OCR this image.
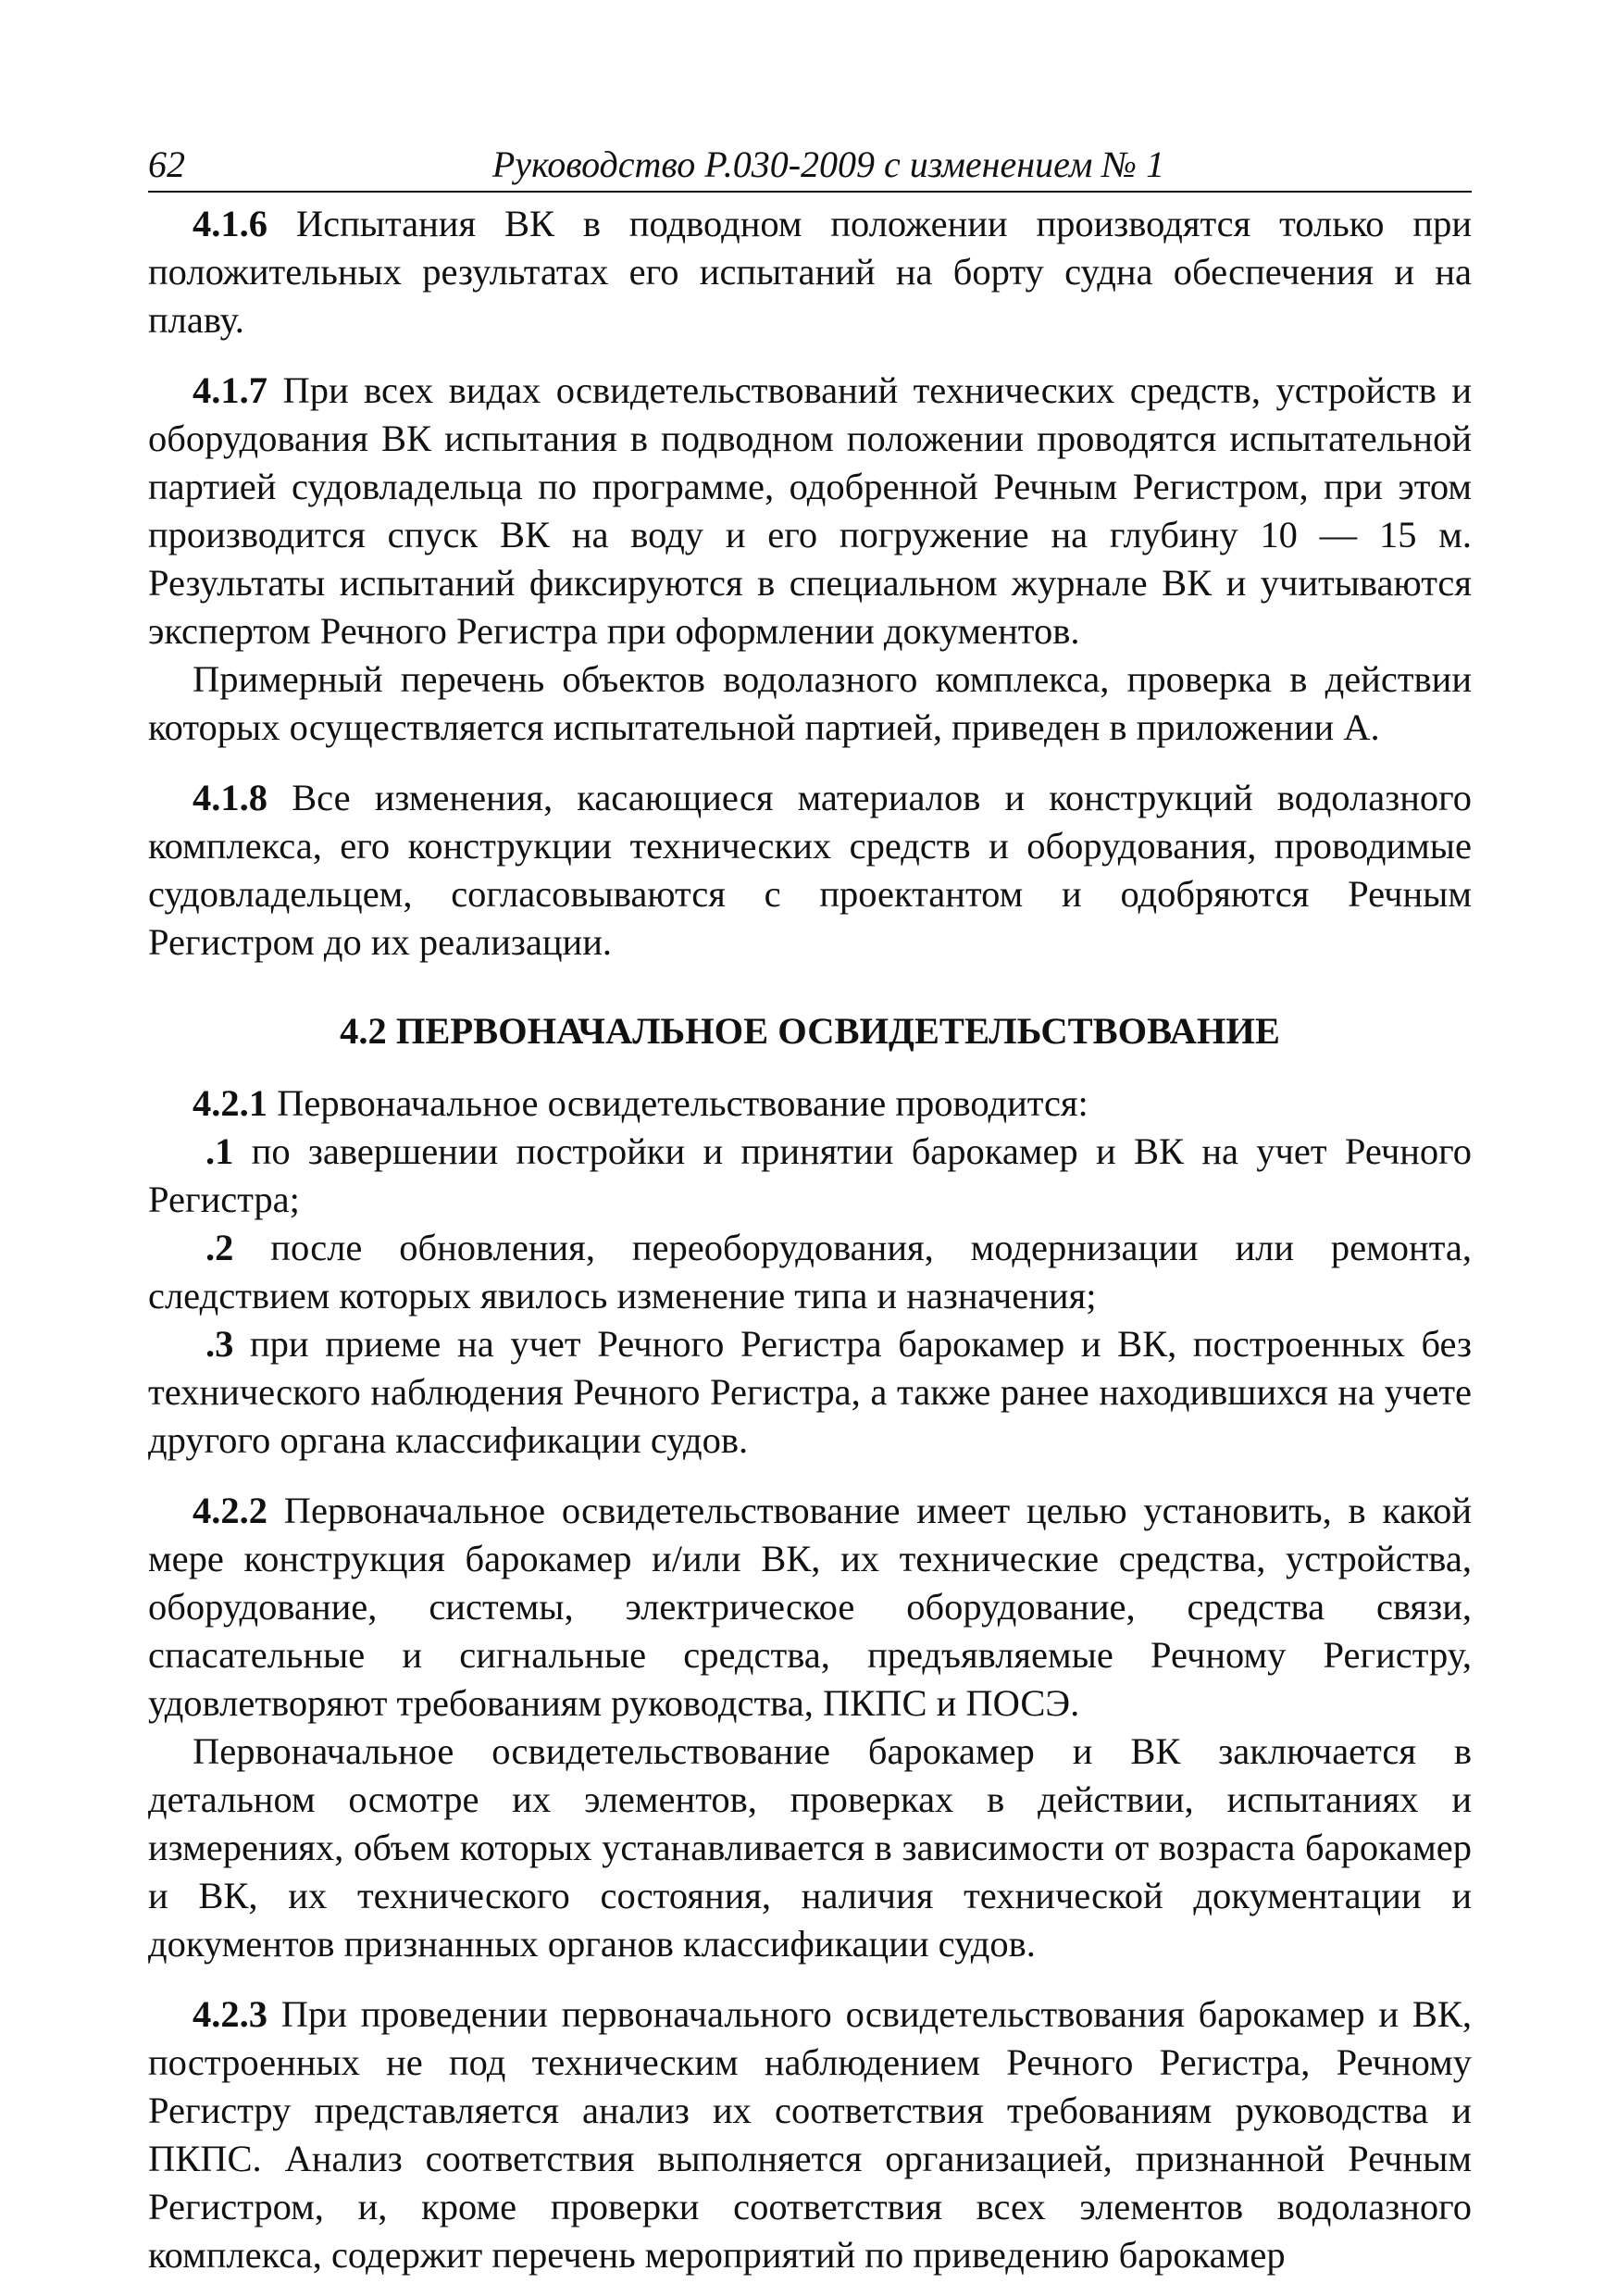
62	Руководство Р.030-2009 с изменением № 1

4.1.6 Испытания ВК в подводном положении производятся только при положительных результатах его испытаний на борту судна обеспечения и на плаву.

4.1.7 При всех видах освидетельствований технических средств, устройств и оборудования ВК испытания в подводном положении проводятся испытательной партией судовладельца по программе, одобренной Речным Регистром, при этом производится спуск ВК на воду и его погружение на глубину 10 — 15 м. Результаты испытаний фиксируются в специальном журнале ВК и учитываются экспертом Речного Регистра при оформлении документов.

Примерный перечень объектов водолазного комплекса, проверка в действии которых осуществляется испытательной партией, приведен в приложении А.

4.1.8 Все изменения, касающиеся материалов и конструкций водолазного комплекса, его конструкции технических средств и оборудования, проводимые судовладельцем, согласовываются с проектантом и одобряются Речным Регистром до их реализации.

4.2 ПЕРВОНАЧАЛЬНОЕ ОСВИДЕТЕЛЬСТВОВАНИЕ

4.2.1 Первоначальное освидетельствование проводится:

.1 по завершении постройки и принятии барокамер и ВК на учет Речного Регистра;

.2 после обновления, переоборудования, модернизации или ремонта, следствием которых явилось изменение типа и назначения;

.3 при приеме на учет Речного Регистра барокамер и ВК, построенных без технического наблюдения Речного Регистра, а также ранее находившихся на учете другого органа классификации судов.

4.2.2 Первоначальное освидетельствование имеет целью установить, в какой мере конструкция барокамер и/или ВК, их технические средства, устройства, оборудование, системы, электрическое оборудование, средства связи, спасательные и сигнальные средства, предъявляемые Речному Регистру, удовлетворяют требованиям руководства, ПКПС и ПОСЭ.

Первоначальное освидетельствование барокамер и ВК заключается в детальном осмотре их элементов, проверках в действии, испытаниях и измерениях, объем которых устанавливается в зависимости от возраста барокамер и ВК, их технического состояния, наличия технической документации и документов признанных органов классификации судов.

4.2.3 При проведении первоначального освидетельствования барокамер и ВК, построенных не под техническим наблюдением Речного Регистра, Речному Регистру представляется анализ их соответствия требованиям руководства и ПКПС. Анализ соответствия выполняется организацией, признанной Речным Регистром, и, кроме проверки соответствия всех элементов водолазного комплекса, содержит перечень мероприятий по приведению барокамер
